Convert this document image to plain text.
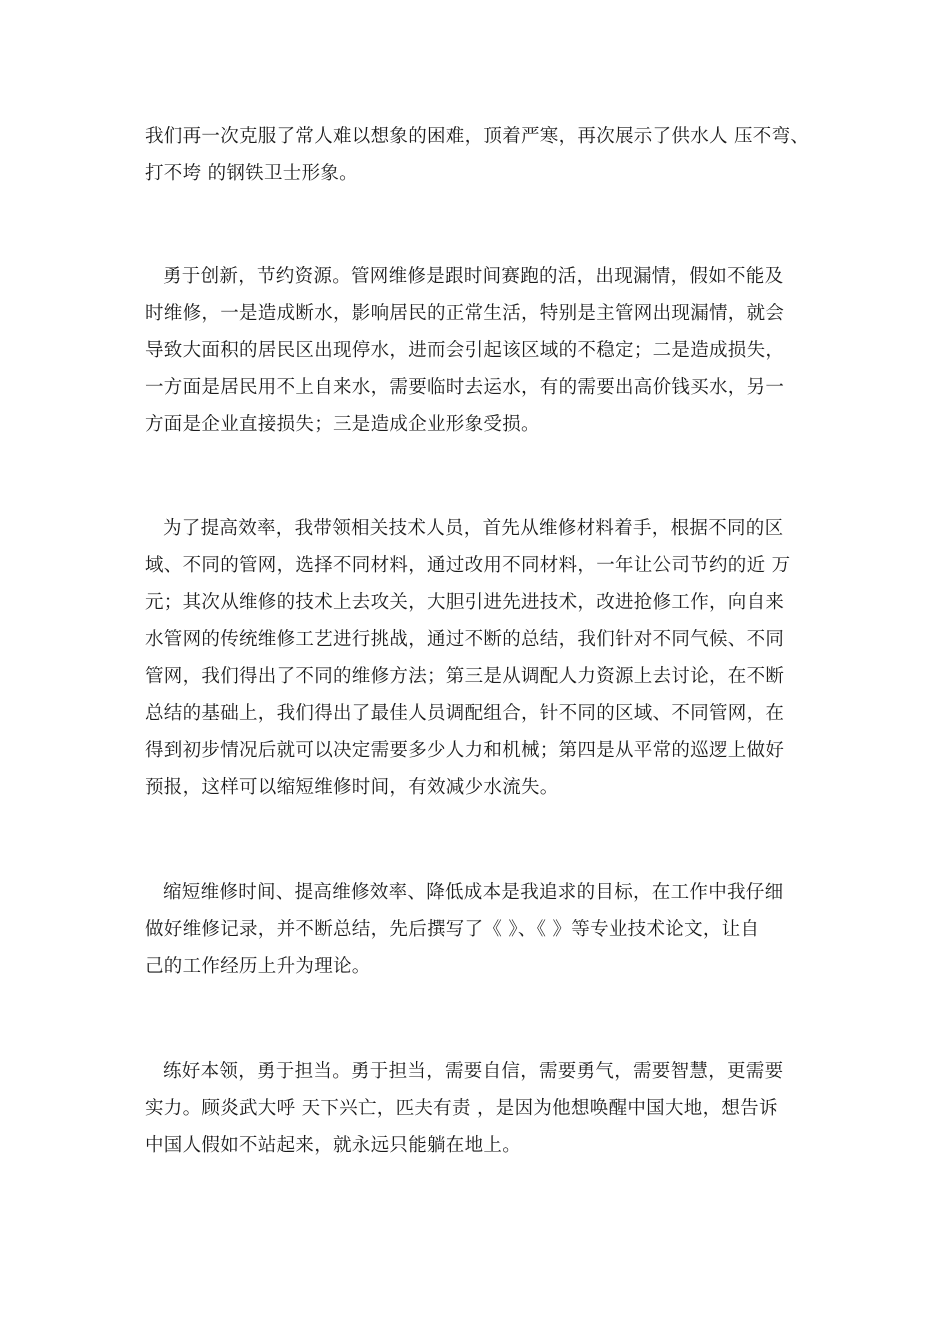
我们再一次克服了常人难以想象的困难，顶着严寒，再次展示了供水人 压不弯、
打不垮 的钢铁卫士形象。

勇于创新，节约资源。管网维修是跟时间赛跑的活，出现漏情，假如不能及
时维修，一是造成断水，影响居民的正常生活，特别是主管网出现漏情，就会
导致大面积的居民区出现停水，进而会引起该区域的不稳定；二是造成损失，
一方面是居民用不上自来水，需要临时去运水，有的需要出高价钱买水，另一
方面是企业直接损失；三是造成企业形象受损。

为了提高效率，我带领相关技术人员，首先从维修材料着手，根据不同的区
域、不同的管网，选择不同材料，通过改用不同材料，一年让公司节约的近 万
元；其次从维修的技术上去攻关，大胆引进先进技术，改进抢修工作，向自来
水管网的传统维修工艺进行挑战，通过不断的总结，我们针对不同气候、不同
管网，我们得出了不同的维修方法；第三是从调配人力资源上去讨论，在不断
总结的基础上，我们得出了最佳人员调配组合，针不同的区域、不同管网，在
得到初步情况后就可以决定需要多少人力和机械；第四是从平常的巡逻上做好
预报，这样可以缩短维修时间，有效减少水流失。

缩短维修时间、提高维修效率、降低成本是我追求的目标，在工作中我仔细
做好维修记录，并不断总结，先后撰写了《 》、《 》等专业技术论文，让自
己的工作经历上升为理论。

练好本领，勇于担当。勇于担当，需要自信，需要勇气，需要智慧，更需要
实力。顾炎武大呼 天下兴亡，匹夫有责 ，是因为他想唤醒中国大地，想告诉
中国人假如不站起来，就永远只能躺在地上。
